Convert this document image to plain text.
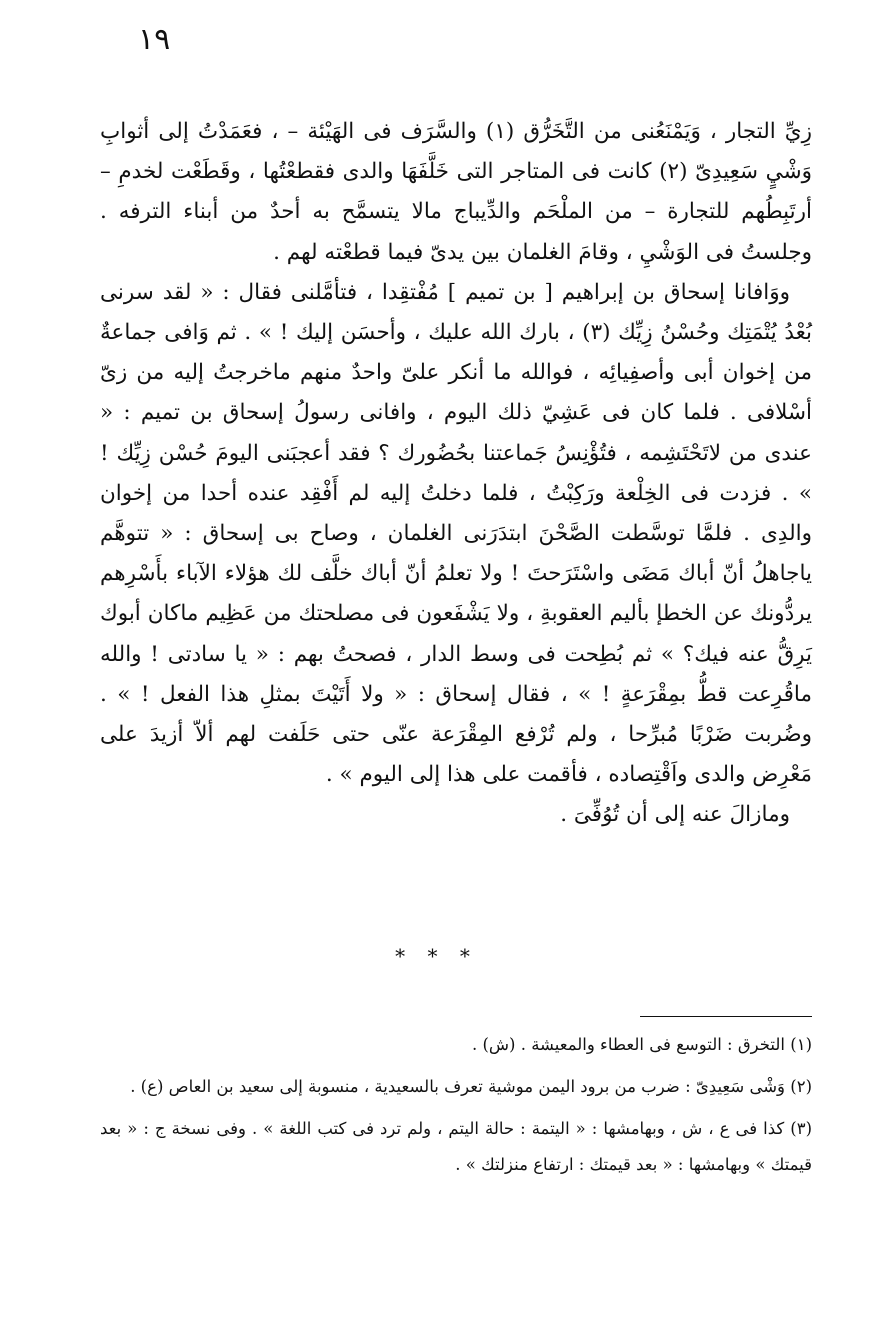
١٩

زِيِّ التجار ، وَيَمْنَعُنى من التَّخَرُّق (١) والسَّرَف فى الهَيْئة – ، فعَمَدْتُ إلى أثوابِ وَشْيٍ سَعِيدِىّ (٢) كانت فى المتاجر التى خَلَّفَهَا والدى فقطعْتُها ، وقَطَعْت لخدمِ – أرتَبِطُهم للتجارة – من الملْحَم والدِّيباج مالا يتسمَّح به أحدٌ من أبناء الترفه . وجلستُ فى الوَشْيِ ، وقامَ الغلمان بين يدىّ فيما قطعْته لهم .

ووَافانا إسحاق بن إبراهيم [ بن تميم ] مُفْتقِدا ، فتأمَّلنى فقال : « لقد سرنى بُعْدُ يُتْمَتِك وحُسْنُ زِيِّك (٣) ، بارك الله عليك ، وأحسَن إليك ! » . ثم وَافى جماعةٌ من إخوان أبى وأصفِيائِه ، فوالله ما أنكر علىّ واحدٌ منهم ماخرجتُ إليه من زىّ أسْلافى . فلما كان فى عَشِيّ ذلك اليوم ، وافانى رسولُ إسحاق بن تميم : « عندى من لاتَحْتَشِمه ، فتُؤْنِسُ جَماعتنا بحُضُورك ؟ فقد أعجبَنى اليومَ حُسْن زِيِّك ! » . فزدت فى الخِلْعة ورَكِبْتُ ، فلما دخلتُ إليه لم أَفْقِد عنده أحدا من إخوان والدِى . فلمَّا توسَّطت الصَّحْنَ ابتدَرَنى الغلمان ، وصاح بى إسحاق : « تتوهَّم ياجاهلُ أنّ أباك مَضَى واسْتَرَحتَ ! ولا تعلمُ أنّ أباك خلَّف لك هؤلاء الآباء بأَسْرِهم يردُّونك عن الخطإ بأليم العقوبةِ ، ولا يَشْفَعون فى مصلحتك من عَظِيم ماكان أبوك يَرِقُّ عنه فيك؟ » ثم بُطِحت فى وسط الدار ، فصحتُ بهم : « يا سادتى ! والله ماقُرِعت قطُّ بمِقْرَعةٍ ! » ، فقال إسحاق : « ولا أَتَيْتَ بمثلِ هذا الفعل ! » . وضُربت ضَرْبًا مُبرِّحا ، ولم تُرْفع المِقْرَعة عنّى حتى حَلَفت لهم ألاّ أزيدَ على مَعْرِض والدى واَقْتِصاده ، فأقمت على هذا إلى اليوم » .

ومازالَ عنه إلى أن تُوُفِّىَ .

* * *

(١) التخرق : التوسع فى العطاء والمعيشة . (ش) .

(٢) وَشْى سَعِيدِىّ : ضرب من برود اليمن موشية تعرف بالسعيدية ، منسوبة إلى سعيد بن العاص (ع) .

(٣) كذا فى ع ، ش ، وبهامشها : « اليتمة : حالة اليتم ، ولم ترد فى كتب اللغة » . وفى نسخة ج : « بعد قيمتك » وبهامشها : « بعد قيمتك : ارتفاع منزلتك » .
